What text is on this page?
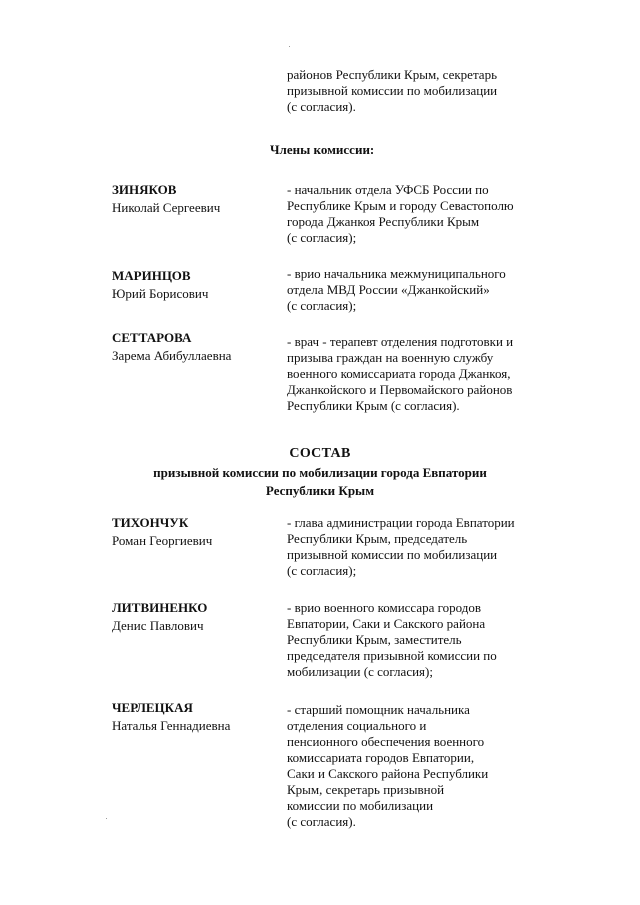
районов Республики Крым, секретарь
призывной комиссии по мобилизации
(с согласия).
Члены комиссии:
ЗИНЯКОВ
Николай Сергеевич
- начальник отдела УФСБ России по
Республике Крым и городу Севастополю
города Джанкоя Республики Крым
(с согласия);
МАРИНЦОВ
Юрий Борисович
- врио начальника межмуниципального
отдела МВД России «Джанкойский»
(с согласия);
СЕТТАРОВА
Зарема Абибуллаевна
- врач - терапевт отделения подготовки и
призыва граждан на военную службу
военного комиссариата города Джанкоя,
Джанкойского и Первомайского районов
Республики Крым (с согласия).
СОСТАВ
призывной комиссии по мобилизации города Евпатории
Республики Крым
ТИХОНЧУК
Роман Георгиевич
- глава администрации города Евпатории
Республики Крым, председатель
призывной комиссии по мобилизации
(с согласия);
ЛИТВИНЕНКО
Денис Павлович
- врио военного комиссара городов
Евпатории, Саки и Сакского района
Республики Крым, заместитель
председателя призывной комиссии по
мобилизации (с согласия);
ЧЕРЛЕЦКАЯ
Наталья Геннадиевна
- старший помощник начальника
отделения социального и
пенсионного обеспечения военного
комиссариата городов Евпатории,
Саки и Сакского района Республики
Крым, секретарь призывной
комиссии по мобилизации
(с согласия).
